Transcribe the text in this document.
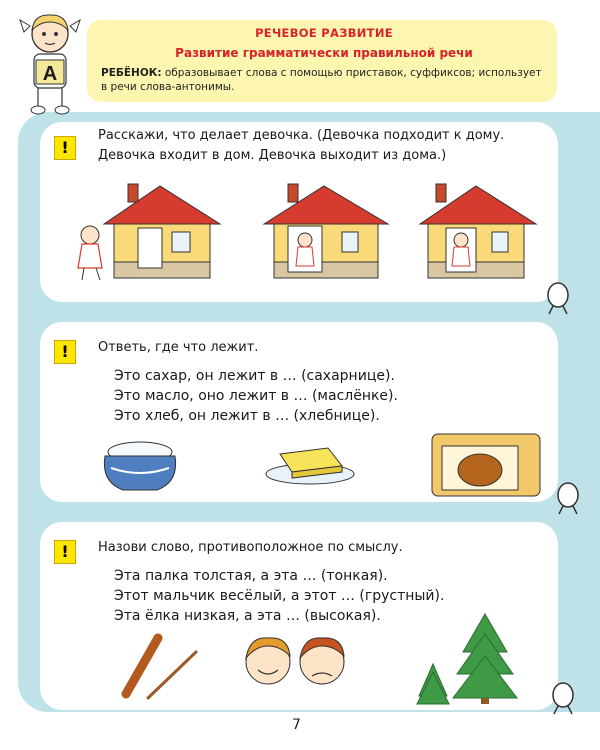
А
РЕЧЕВОЕ РАЗВИТИЕ
Развитие грамматически правильной речи
РЕБЁНОК: образовывает слова с помощью приставок, суффиксов; использует в речи слова-антонимы.
!
Расскажи, что делает девочка. (Девочка подходит к дому.
Девочка входит в дом. Девочка выходит из дома.)
!	Ответь, где что лежит.
Это сахар, он лежит в … (сахарнице).
Это масло, оно лежит в … (маслёнке).
Это хлеб, он лежит в … (хлебнице).
!	Назови слово, противоположное по смыслу.
Эта палка толстая, а эта … (тонкая).
Этот мальчик весёлый, а этот … (грустный).
Эта ёлка низкая, а эта … (высокая).
7
